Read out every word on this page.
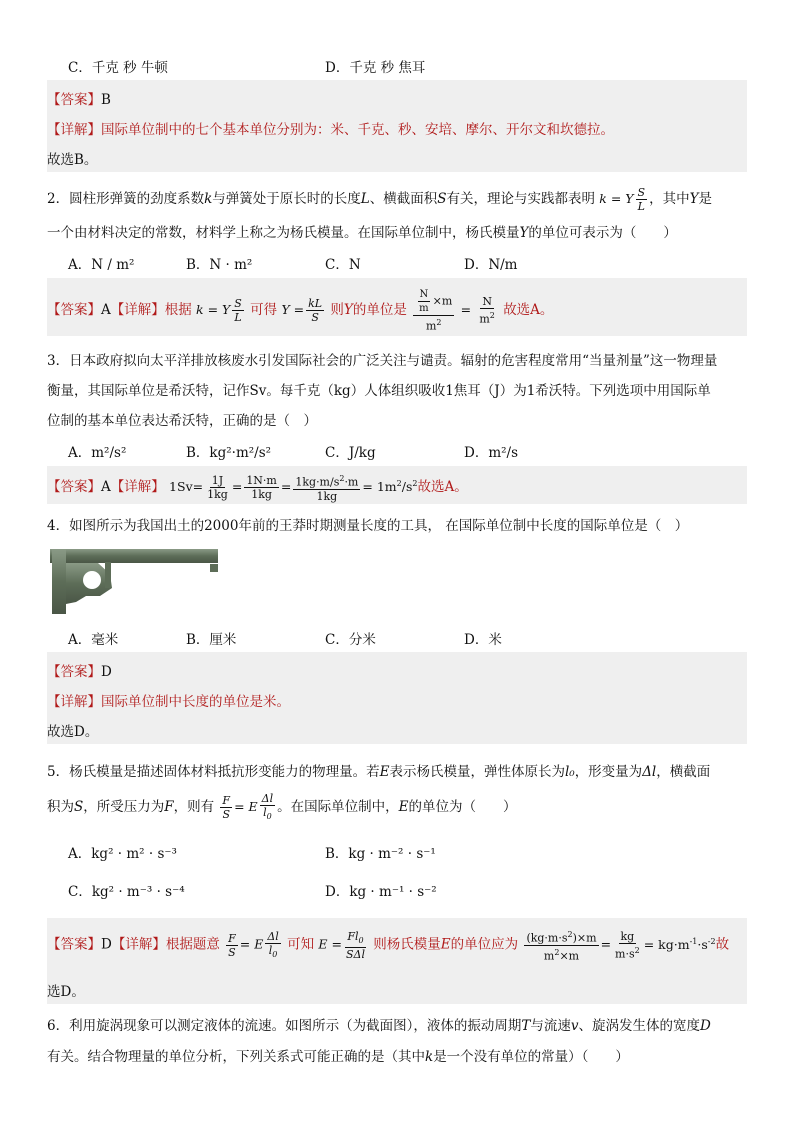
C．千克 秒 牛顿	D．千克 秒 焦耳
【答案】B
【详解】国际单位制中的七个基本单位分别为：米、千克、秒、安培、摩尔、开尔文和坎德拉。
故选B。
2．圆柱形弹簧的劲度系数k与弹簧处于原长时的长度L、横截面积S有关，理论与实践都表明 k = Y $\frac{S}{L}$ ，其中Y是
一个由材料决定的常数，材料学上称之为杨氏模量。在国际单位制中，杨氏模量Y的单位可表示为（　　）
A．N / m²	B．N · m²	C．N	D．N/m
【答案】A【详解】根据 k = Y $\frac{S}{L}$ 可得 $Y = \frac{kL}{S}$ 则Y的单位是 $\frac{\frac{N}{m} \times m}{m^2} = \frac{N}{m^2}$ 故选A。
3．日本政府拟向太平洋排放核废水引发国际社会的广泛关注与谴责。辐射的危害程度常用“当量剂量”这一物理量
衡量，其国际单位是希沃特，记作Sv。每千克（kg）人体组织吸收1焦耳（J）为1希沃特。下列选项中用国际单
位制的基本单位表达希沃特，正确的是（　）
A．m²/s²	B．kg²·m²/s²	C．J/kg	D．m²/s
【答案】A【详解】 $1Sv= \frac{1J}{1kg} = \frac{1N\cdot m}{1kg} = \frac{1kg\cdot m/s^2\cdot m}{1kg} = 1m^2/s^2$故选A。
4．如图所示为我国出土的2000年前的王莽时期测量长度的工具， 在国际单位制中长度的国际单位是（　）
A．毫米	B．厘米	C．分米	D．米
【答案】D
【详解】国际单位制中长度的单位是米。
故选D。
5．杨氏模量是描述固体材料抵抗形变能力的物理量。若E表示杨氏模量，弹性体原长为l₀，形变量为Δl，横截面
积为S，所受压力为F，则有 $\frac{F}{S} = E \frac{\Delta l}{l_0}$ 。在国际单位制中，E的单位为（　　）
A．kg² · m² · s⁻³	B．kg · m⁻² · s⁻¹
C．kg² · m⁻³ · s⁻⁴	D．kg · m⁻¹ · s⁻²
【答案】D【详解】根据题意 $\frac{F}{S} = E \frac{\Delta l}{l_0}$ 可知 $E = \frac{Fl_0}{\text{SΔl}}$ 则杨氏模量E的单位应为 $\frac{(kg\cdot m\cdot s^2)\times m}{m^2\times m} = \frac{kg}{m\cdot s^2} = kg\cdot m^{-1}\cdot s^{-2}$故
选D。
6．利用旋涡现象可以测定液体的流速。如图所示（为截面图），液体的振动周期T与流速v、旋涡发生体的宽度D
有关。结合物理量的单位分析，下列关系式可能正确的是（其中k是一个没有单位的常量）（　　）
